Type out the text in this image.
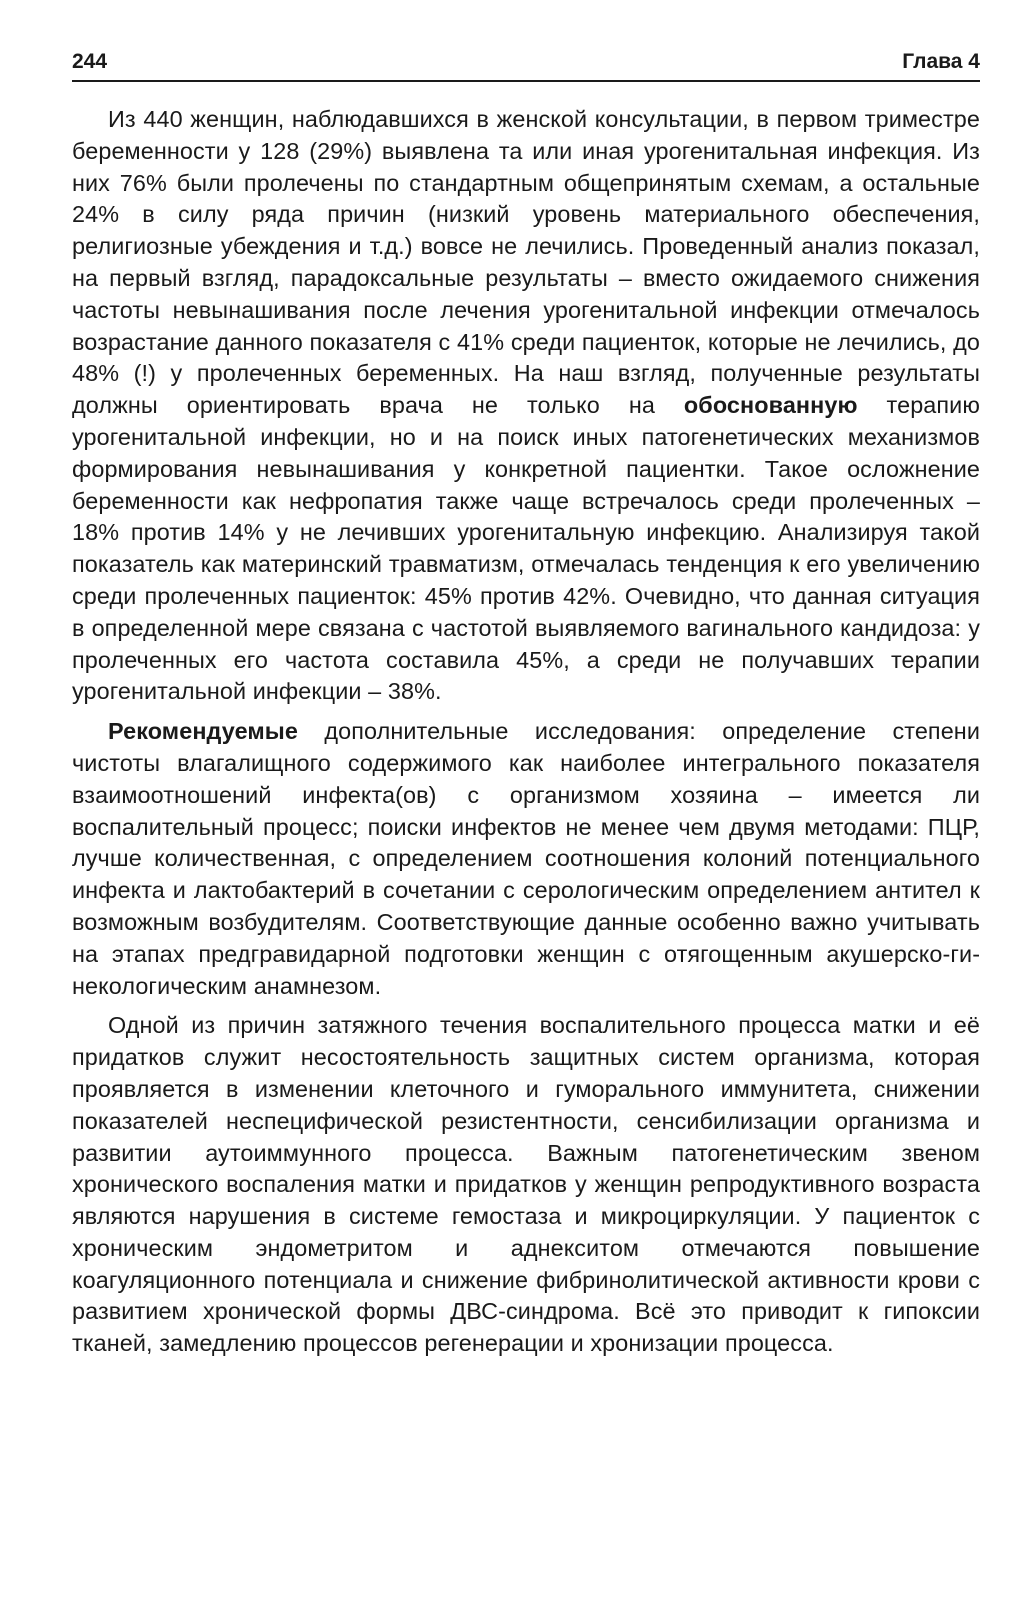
244	Глава 4

Из 440 женщин, наблюдавшихся в женской консультации, в первом триместре беременности у 128 (29%) выявлена та или иная урогенитальная инфекция. Из них 76% были пролечены по стандартным общепринятым схемам, а остальные 24% в силу ряда причин (низкий уровень материального обеспечения, религиозные убеждения и т.д.) вовсе не лечились. Проведенный анализ показал, на первый взгляд, парадоксальные результаты – вместо ожидаемого снижения частоты невынашивания после лечения урогенитальной инфекции отмечалось возрастание данного показателя с 41% среди пациенток, которые не лечились, до 48% (!) у пролеченных беременных. На наш взгляд, полученные результаты должны ориентировать врача не только на обоснованную терапию урогенитальной инфекции, но и на поиск иных патогенетических механизмов формирования невынашивания у конкретной пациентки. Такое осложнение беременности как нефропатия также чаще встречалось среди пролеченных – 18% против 14% у не лечивших урогенитальную инфекцию. Анализируя такой показатель как материнский травматизм, отмечалась тенденция к его увеличению среди пролеченных пациенток: 45% против 42%. Очевидно, что данная ситуация в определенной мере связана с частотой выявляемого вагинального кандидоза: у пролеченных его частота составила 45%, а среди не получавших терапии урогенитальной инфекции – 38%.

Рекомендуемые дополнительные исследования: определение степени чистоты влагалищного содержимого как наиболее интегрального показателя взаимоотношений инфекта(ов) с организмом хозяина – имеется ли воспалительный процесс; поиски инфектов не менее чем двумя методами: ПЦР, лучше количественная, с определением соотношения колоний потенциального инфекта и лактобактерий в сочетании с серологическим определением антител к возможным возбудителям. Соответствующие данные особенно важно учитывать на этапах предгравидарной подготовки женщин с отягощенным акушерско-гинекологическим анамнезом.

Одной из причин затяжного течения воспалительного процесса матки и её придатков служит несостоятельность защитных систем организма, которая проявляется в изменении клеточного и гуморального иммунитета, снижении показателей неспецифической резистентности, сенсибилизации организма и развитии аутоиммунного процесса. Важным патогенетическим звеном хронического воспаления матки и придатков у женщин репродуктивного возраста являются нарушения в системе гемостаза и микроциркуляции. У пациенток с хроническим эндометритом и аднекситом отмечаются повышение коагуляционного потенциала и снижение фибринолитической активности крови с развитием хронической формы ДВС-синдрома. Всё это приводит к гипоксии тканей, замедлению процессов регенерации и хронизации процесса.
